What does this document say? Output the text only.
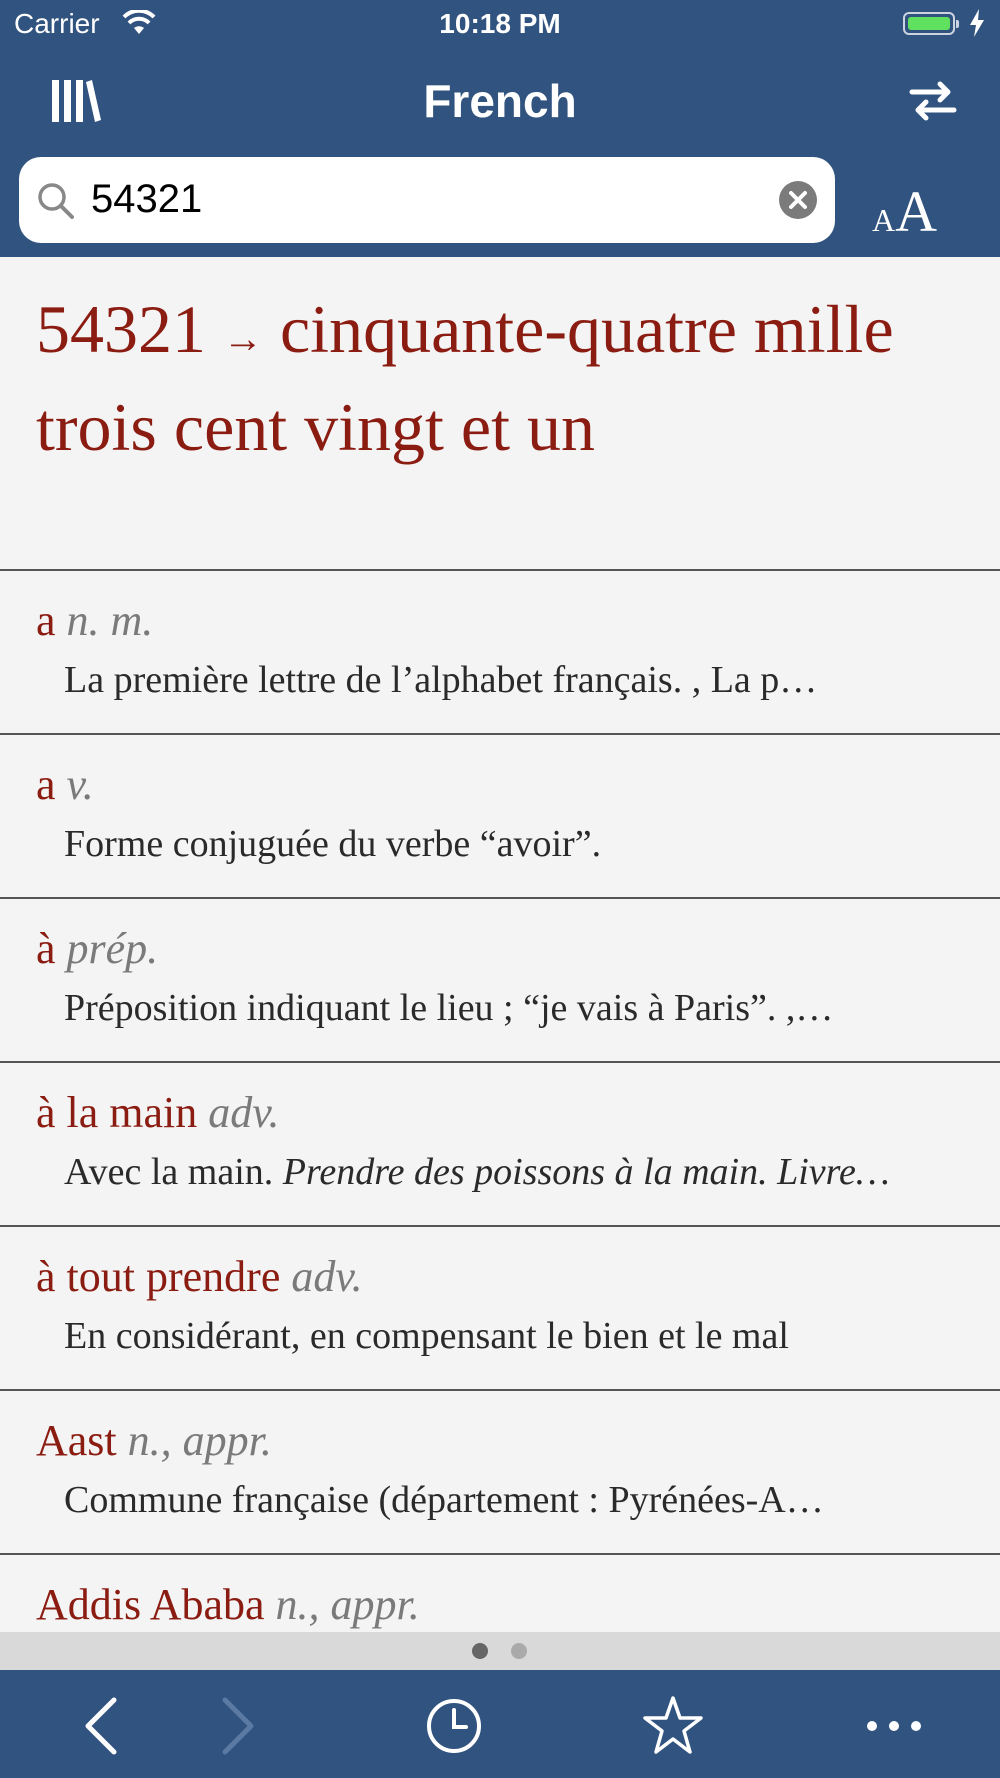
Carrier	10:18 PM
French
54321
AA
54321 → cinquante-quatre mille trois cent vingt et un
a n. m.
La première lettre de l’alphabet français. , La p…
a v.
Forme conjuguée du verbe “avoir”.
à prép.
Préposition indiquant le lieu ; “je vais à Paris”. ,…
à la main adv.
Avec la main. Prendre des poissons à la main. Livre…
à tout prendre adv.
En considérant, en compensant le bien et le mal
Aast n., appr.
Commune française (département : Pyrénées-A…
Addis Ababa n., appr.
